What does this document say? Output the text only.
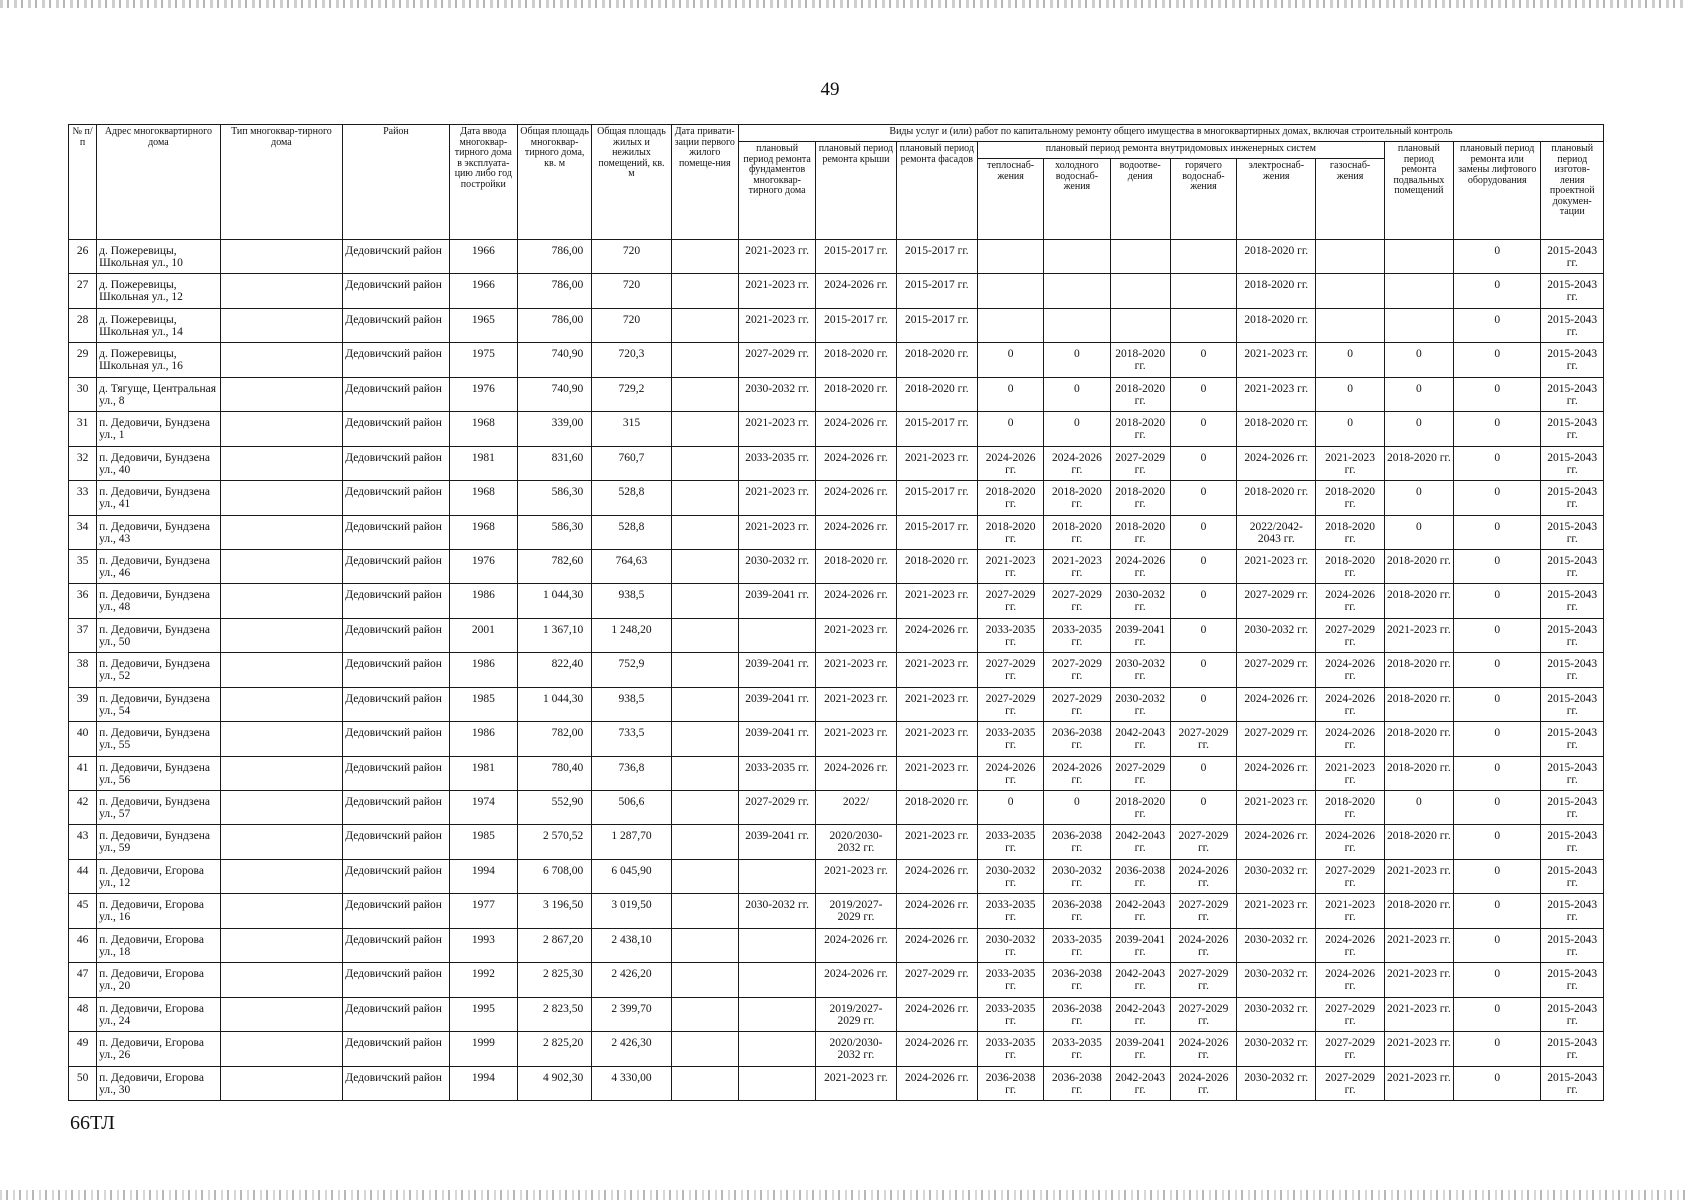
49
№ п/п	Адрес многоквартирного дома	Тип многоквар-тирного дома	Район	Дата ввода многоквар-тирного дома в эксплуата-цию либо год постройки	Общая площадь многоквар-тирного дома, кв. м	Общая площадь жилых и нежилых помещений, кв. м	Дата привати-зации первого жилого помеще-ния	Виды услуг и (или) работ по капитальному ремонту общего имущества в многоквартирных домах, включая строительный контроль											
								плановый период ремонта фундаментов многоквар-тирного дома	плановый период ремонта крыши	плановый период ремонта фасадов	плановый период ремонта внутридомовых инженерных систем						плановый период ремонта подвальных помещений	плановый период ремонта или замены лифтового оборудования	плановый период изготов-ления проектной докумен-тации
											теплоснаб-жения	холодного водоснаб-жения	водоотве-дения	горячего водоснаб-жения	электроснаб-жения	газоснаб-жения			
26	д. Пожеревицы, Школьная ул., 10		Дедовичский район	1966	786,00	720		2021-2023 гг.	2015-2017 гг.	2015-2017 гг.					2018-2020 гг.			0	2015-2043 гг.
27	д. Пожеревицы, Школьная ул., 12		Дедовичский район	1966	786,00	720		2021-2023 гг.	2024-2026 гг.	2015-2017 гг.					2018-2020 гг.			0	2015-2043 гг.
28	д. Пожеревицы, Школьная ул., 14		Дедовичский район	1965	786,00	720		2021-2023 гг.	2015-2017 гг.	2015-2017 гг.					2018-2020 гг.			0	2015-2043 гг.
29	д. Пожеревицы, Школьная ул., 16		Дедовичский район	1975	740,90	720,3		2027-2029 гг.	2018-2020 гг.	2018-2020 гг.	0	0	2018-2020 гг.	0	2021-2023 гг.	0	0	0	2015-2043 гг.
30	д. Тягуще, Центральная ул., 8		Дедовичский район	1976	740,90	729,2		2030-2032 гг.	2018-2020 гг.	2018-2020 гг.	0	0	2018-2020 гг.	0	2021-2023 гг.	0	0	0	2015-2043 гг.
31	п. Дедовичи, Бундзена ул., 1		Дедовичский район	1968	339,00	315		2021-2023 гг.	2024-2026 гг.	2015-2017 гг.	0	0	2018-2020 гг.	0	2018-2020 гг.	0	0	0	2015-2043 гг.
32	п. Дедовичи, Бундзена ул., 40		Дедовичский район	1981	831,60	760,7		2033-2035 гг.	2024-2026 гг.	2021-2023 гг.	2024-2026 гг.	2024-2026 гг.	2027-2029 гг.	0	2024-2026 гг.	2021-2023 гг.	2018-2020 гг.	0	2015-2043 гг.
33	п. Дедовичи, Бундзена ул., 41		Дедовичский район	1968	586,30	528,8		2021-2023 гг.	2024-2026 гг.	2015-2017 гг.	2018-2020 гг.	2018-2020 гг.	2018-2020 гг.	0	2018-2020 гг.	2018-2020 гг.	0	0	2015-2043 гг.
34	п. Дедовичи, Бундзена ул., 43		Дедовичский район	1968	586,30	528,8		2021-2023 гг.	2024-2026 гг.	2015-2017 гг.	2018-2020 гг.	2018-2020 гг.	2018-2020 гг.	0	2022/2042-2043 гг.	2018-2020 гг.	0	0	2015-2043 гг.
35	п. Дедовичи, Бундзена ул., 46		Дедовичский район	1976	782,60	764,63		2030-2032 гг.	2018-2020 гг.	2018-2020 гг.	2021-2023 гг.	2021-2023 гг.	2024-2026 гг.	0	2021-2023 гг.	2018-2020 гг.	2018-2020 гг.	0	2015-2043 гг.
36	п. Дедовичи, Бундзена ул., 48		Дедовичский район	1986	1 044,30	938,5		2039-2041 гг.	2024-2026 гг.	2021-2023 гг.	2027-2029 гг.	2027-2029 гг.	2030-2032 гг.	0	2027-2029 гг.	2024-2026 гг.	2018-2020 гг.	0	2015-2043 гг.
37	п. Дедовичи, Бундзена ул., 50		Дедовичский район	2001	1 367,10	1 248,20			2021-2023 гг.	2024-2026 гг.	2033-2035 гг.	2033-2035 гг.	2039-2041 гг.	0	2030-2032 гг.	2027-2029 гг.	2021-2023 гг.	0	2015-2043 гг.
38	п. Дедовичи, Бундзена ул., 52		Дедовичский район	1986	822,40	752,9		2039-2041 гг.	2021-2023 гг.	2021-2023 гг.	2027-2029 гг.	2027-2029 гг.	2030-2032 гг.	0	2027-2029 гг.	2024-2026 гг.	2018-2020 гг.	0	2015-2043 гг.
39	п. Дедовичи, Бундзена ул., 54		Дедовичский район	1985	1 044,30	938,5		2039-2041 гг.	2021-2023 гг.	2021-2023 гг.	2027-2029 гг.	2027-2029 гг.	2030-2032 гг.	0	2024-2026 гг.	2024-2026 гг.	2018-2020 гг.	0	2015-2043 гг.
40	п. Дедовичи, Бундзена ул., 55		Дедовичский район	1986	782,00	733,5		2039-2041 гг.	2021-2023 гг.	2021-2023 гг.	2033-2035 гг.	2036-2038 гг.	2042-2043 гг.	2027-2029 гг.	2027-2029 гг.	2024-2026 гг.	2018-2020 гг.	0	2015-2043 гг.
41	п. Дедовичи, Бундзена ул., 56		Дедовичский район	1981	780,40	736,8		2033-2035 гг.	2024-2026 гг.	2021-2023 гг.	2024-2026 гг.	2024-2026 гг.	2027-2029 гг.	0	2024-2026 гг.	2021-2023 гг.	2018-2020 гг.	0	2015-2043 гг.
42	п. Дедовичи, Бундзена ул., 57		Дедовичский район	1974	552,90	506,6		2027-2029 гг.	2022/	2018-2020 гг.	0	0	2018-2020 гг.	0	2021-2023 гг.	2018-2020 гг.	0	0	2015-2043 гг.
43	п. Дедовичи, Бундзена ул., 59		Дедовичский район	1985	2 570,52	1 287,70		2039-2041 гг.	2020/2030-2032 гг.	2021-2023 гг.	2033-2035 гг.	2036-2038 гг.	2042-2043 гг.	2027-2029 гг.	2024-2026 гг.	2024-2026 гг.	2018-2020 гг.	0	2015-2043 гг.
44	п. Дедовичи, Егорова ул., 12		Дедовичский район	1994	6 708,00	6 045,90			2021-2023 гг.	2024-2026 гг.	2030-2032 гг.	2030-2032 гг.	2036-2038 гг.	2024-2026 гг.	2030-2032 гг.	2027-2029 гг.	2021-2023 гг.	0	2015-2043 гг.
45	п. Дедовичи, Егорова ул., 16		Дедовичский район	1977	3 196,50	3 019,50		2030-2032 гг.	2019/2027-2029 гг.	2024-2026 гг.	2033-2035 гг.	2036-2038 гг.	2042-2043 гг.	2027-2029 гг.	2021-2023 гг.	2021-2023 гг.	2018-2020 гг.	0	2015-2043 гг.
46	п. Дедовичи, Егорова ул., 18		Дедовичский район	1993	2 867,20	2 438,10			2024-2026 гг.	2024-2026 гг.	2030-2032 гг.	2033-2035 гг.	2039-2041 гг.	2024-2026 гг.	2030-2032 гг.	2024-2026 гг.	2021-2023 гг.	0	2015-2043 гг.
47	п. Дедовичи, Егорова ул., 20		Дедовичский район	1992	2 825,30	2 426,20			2024-2026 гг.	2027-2029 гг.	2033-2035 гг.	2036-2038 гг.	2042-2043 гг.	2027-2029 гг.	2030-2032 гг.	2024-2026 гг.	2021-2023 гг.	0	2015-2043 гг.
48	п. Дедовичи, Егорова ул., 24		Дедовичский район	1995	2 823,50	2 399,70			2019/2027-2029 гг.	2024-2026 гг.	2033-2035 гг.	2036-2038 гг.	2042-2043 гг.	2027-2029 гг.	2030-2032 гг.	2027-2029 гг.	2021-2023 гг.	0	2015-2043 гг.
49	п. Дедовичи, Егорова ул., 26		Дедовичский район	1999	2 825,20	2 426,30			2020/2030-2032 гг.	2024-2026 гг.	2033-2035 гг.	2033-2035 гг.	2039-2041 гг.	2024-2026 гг.	2030-2032 гг.	2027-2029 гг.	2021-2023 гг.	0	2015-2043 гг.
50	п. Дедовичи, Егорова ул., 30		Дедовичский район	1994	4 902,30	4 330,00			2021-2023 гг.	2024-2026 гг.	2036-2038 гг.	2036-2038 гг.	2042-2043 гг.	2024-2026 гг.	2030-2032 гг.	2027-2029 гг.	2021-2023 гг.	0	2015-2043 гг.
66ТЛ
